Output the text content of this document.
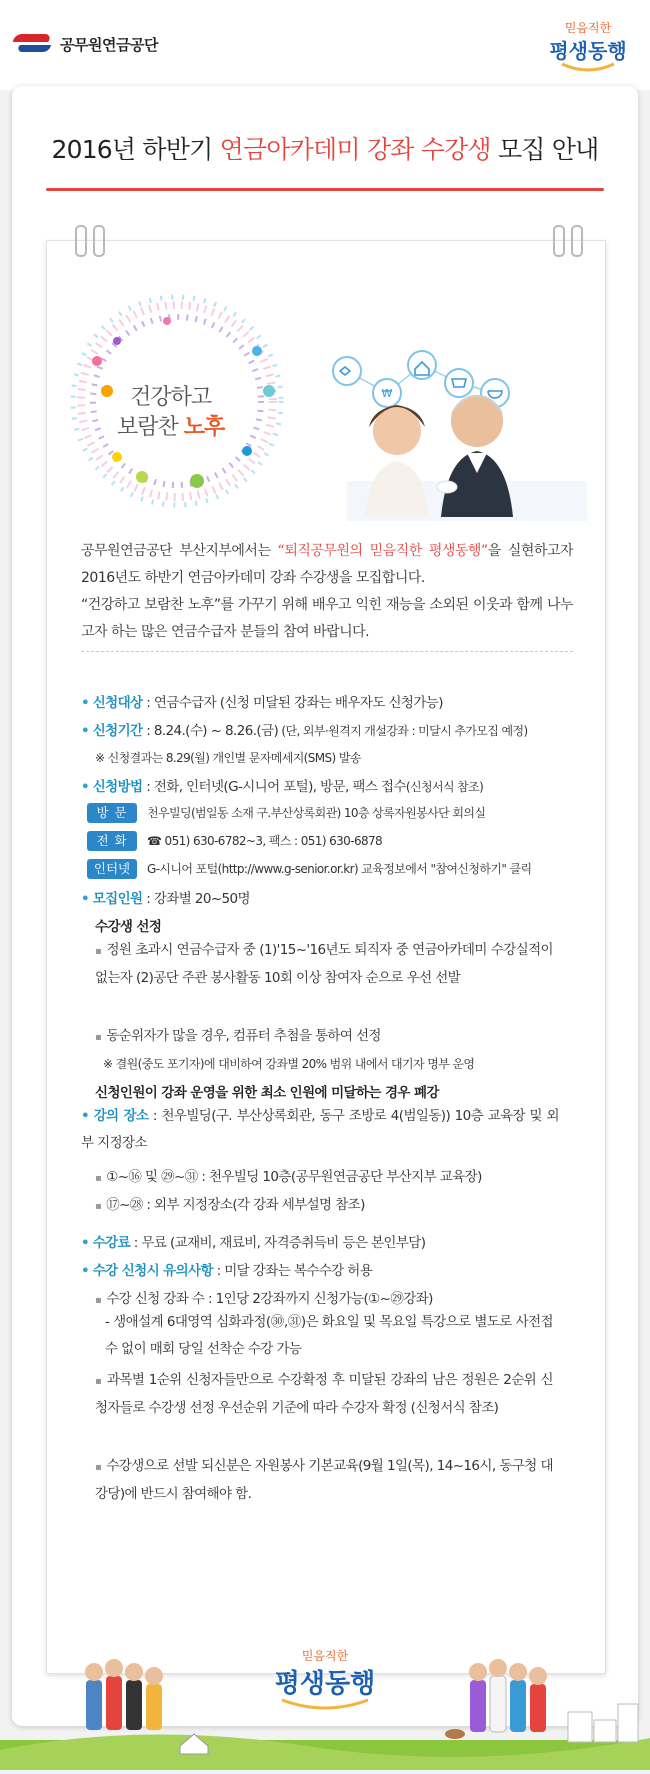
공무원연금공단
믿음직한
평생동행
2016년 하반기 연금아카데미 강좌 수강생 모집 안내
₩
건강하고
보람찬 노후
공무원연금공단 부산지부에서는 “퇴직공무원의 믿음직한 평생동행”을 실현하고자 2016년도 하반기 연금아카데미 강좌 수강생을 모집합니다.
“건강하고 보람찬 노후”를 가꾸기 위해 배우고 익힌 재능을 소외된 이웃과 함께 나누고자 하는 많은 연금수급자 분들의 참여 바랍니다.
• 신청대상 : 연금수급자 (신청 미달된 강좌는 배우자도 신청가능)
• 신청기간 : 8.24.(수) ~ 8.26.(금) (단, 외부·원격지 개설강좌 : 미달시 추가모집 예정)
※ 신청결과는 8.29(월) 개인별 문자메세지(SMS) 발송
• 신청방법 : 전화, 인터넷(G-시니어 포털), 방문, 팩스 접수(신청서식 참조)
방 문 천우빌딩(범일동 소재 구.부산상록회관) 10층 상록자원봉사단 회의실
전 화 ☎ 051) 630-6782~3, 팩스 : 051) 630-6878
인터넷 G-시니어 포털(http://www.g-senior.or.kr) 교육정보에서 "참여신청하기" 클릭
• 모집인원 : 강좌별 20~50명
수강생 선정
▪ 정원 초과시 연금수급자 중 (1)'15~'16년도 퇴직자 중 연금아카데미 수강실적이 없는자 (2)공단 주관 봉사활동 10회 이상 참여자 순으로 우선 선발
▪ 동순위자가 많을 경우, 컴퓨터 추첨을 통하여 선정
※ 결원(중도 포기자)에 대비하여 강좌별 20% 범위 내에서 대기자 명부 운영
신청인원이 강좌 운영을 위한 최소 인원에 미달하는 경우 폐강
• 강의 장소 : 천우빌딩(구. 부산상록회관, 동구 조방로 4(범일동)) 10층 교육장 및 외부 지정장소
▪ ①~⑯ 및 ㉙~㉛ : 천우빌딩 10층(공무원연금공단 부산지부 교육장)
▪ ⑰~㉘ : 외부 지정장소(각 강좌 세부설명 참조)
• 수강료 : 무료 (교재비, 재료비, 자격증취득비 등은 본인부담)
• 수강 신청시 유의사항 : 미달 강좌는 복수수강 허용
▪ 수강 신청 강좌 수 : 1인당 2강좌까지 신청가능(①~㉙강좌)
- 생애설계 6대영역 심화과정(㉚,㉛)은 화요일 및 목요일 특강으로 별도로 사전접수 없이 매회 당일 선착순 수강 가능
▪ 과목별 1순위 신청자들만으로 수강확정 후 미달된 강좌의 남은 정원은 2순위 신청자들로 수강생 선정 우선순위 기준에 따라 수강자 확정 (신청서식 참조)
▪ 수강생으로 선발 되신분은 자원봉사 기본교육(9월 1일(목), 14~16시, 동구청 대강당)에 반드시 참여해야 함.
믿음직한
평생동행
